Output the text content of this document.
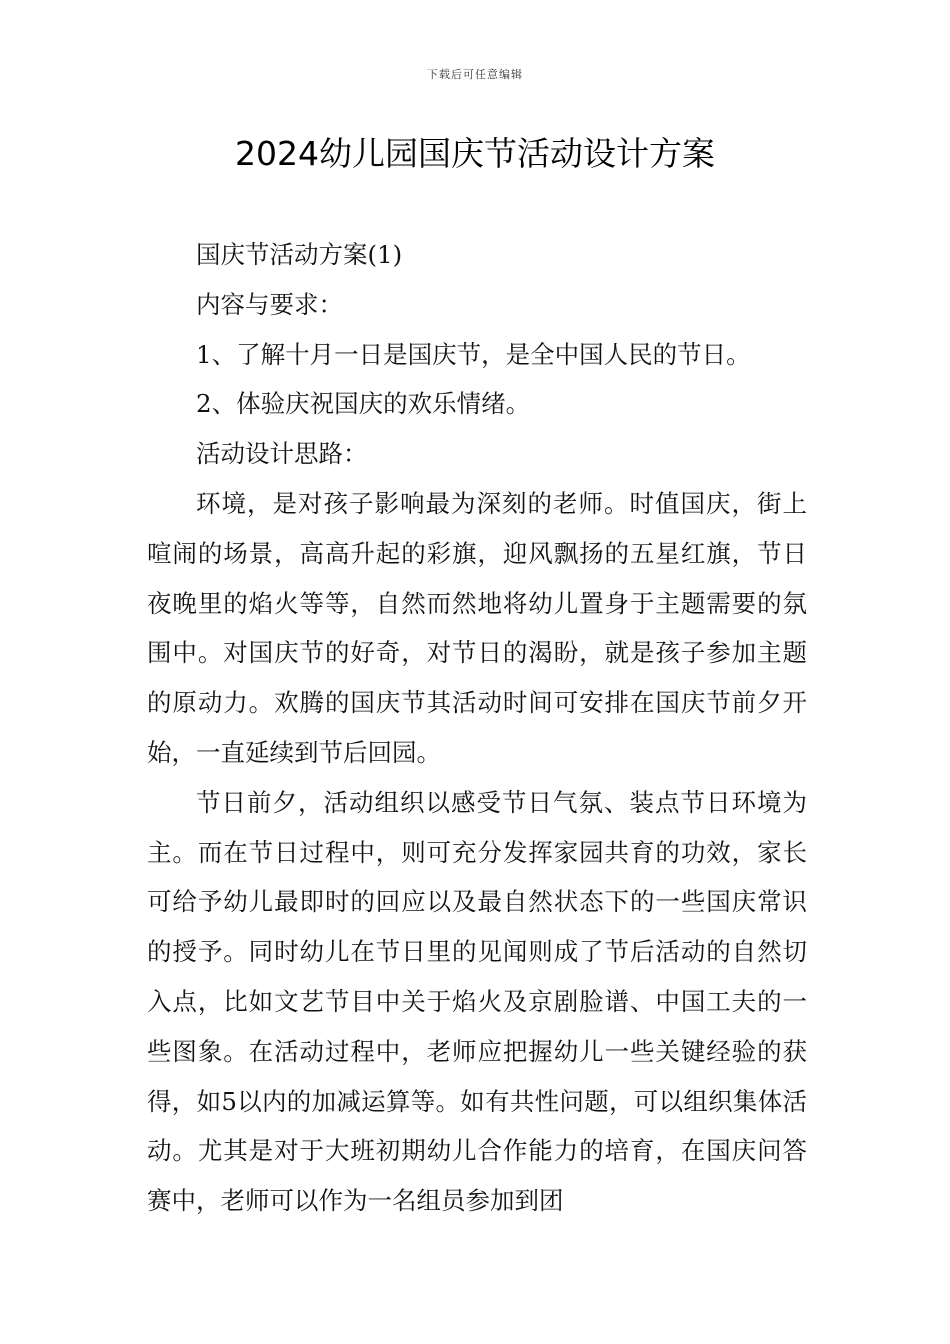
下载后可任意编辑
2024幼儿园国庆节活动设计方案

国庆节活动方案(1)

内容与要求：

1、了解十月一日是国庆节，是全中国人民的节日。

2、体验庆祝国庆的欢乐情绪。

活动设计思路：

环境，是对孩子影响最为深刻的老师。时值国庆，街上喧闹的场景，高高升起的彩旗，迎风飘扬的五星红旗，节日夜晚里的焰火等等，自然而然地将幼儿置身于主题需要的氛围中。对国庆节的好奇，对节日的渴盼，就是孩子参加主题的原动力。欢腾的国庆节其活动时间可安排在国庆节前夕开始，一直延续到节后回园。

节日前夕，活动组织以感受节日气氛、装点节日环境为主。而在节日过程中，则可充分发挥家园共育的功效，家长可给予幼儿最即时的回应以及最自然状态下的一些国庆常识的授予。同时幼儿在节日里的见闻则成了节后活动的自然切入点，比如文艺节目中关于焰火及京剧脸谱、中国工夫的一些图象。在活动过程中，老师应把握幼儿一些关键经验的获得，如5以内的加减运算等。如有共性问题，可以组织集体活动。尤其是对于大班初期幼儿合作能力的培育，在国庆问答赛中，老师可以作为一名组员参加到团
